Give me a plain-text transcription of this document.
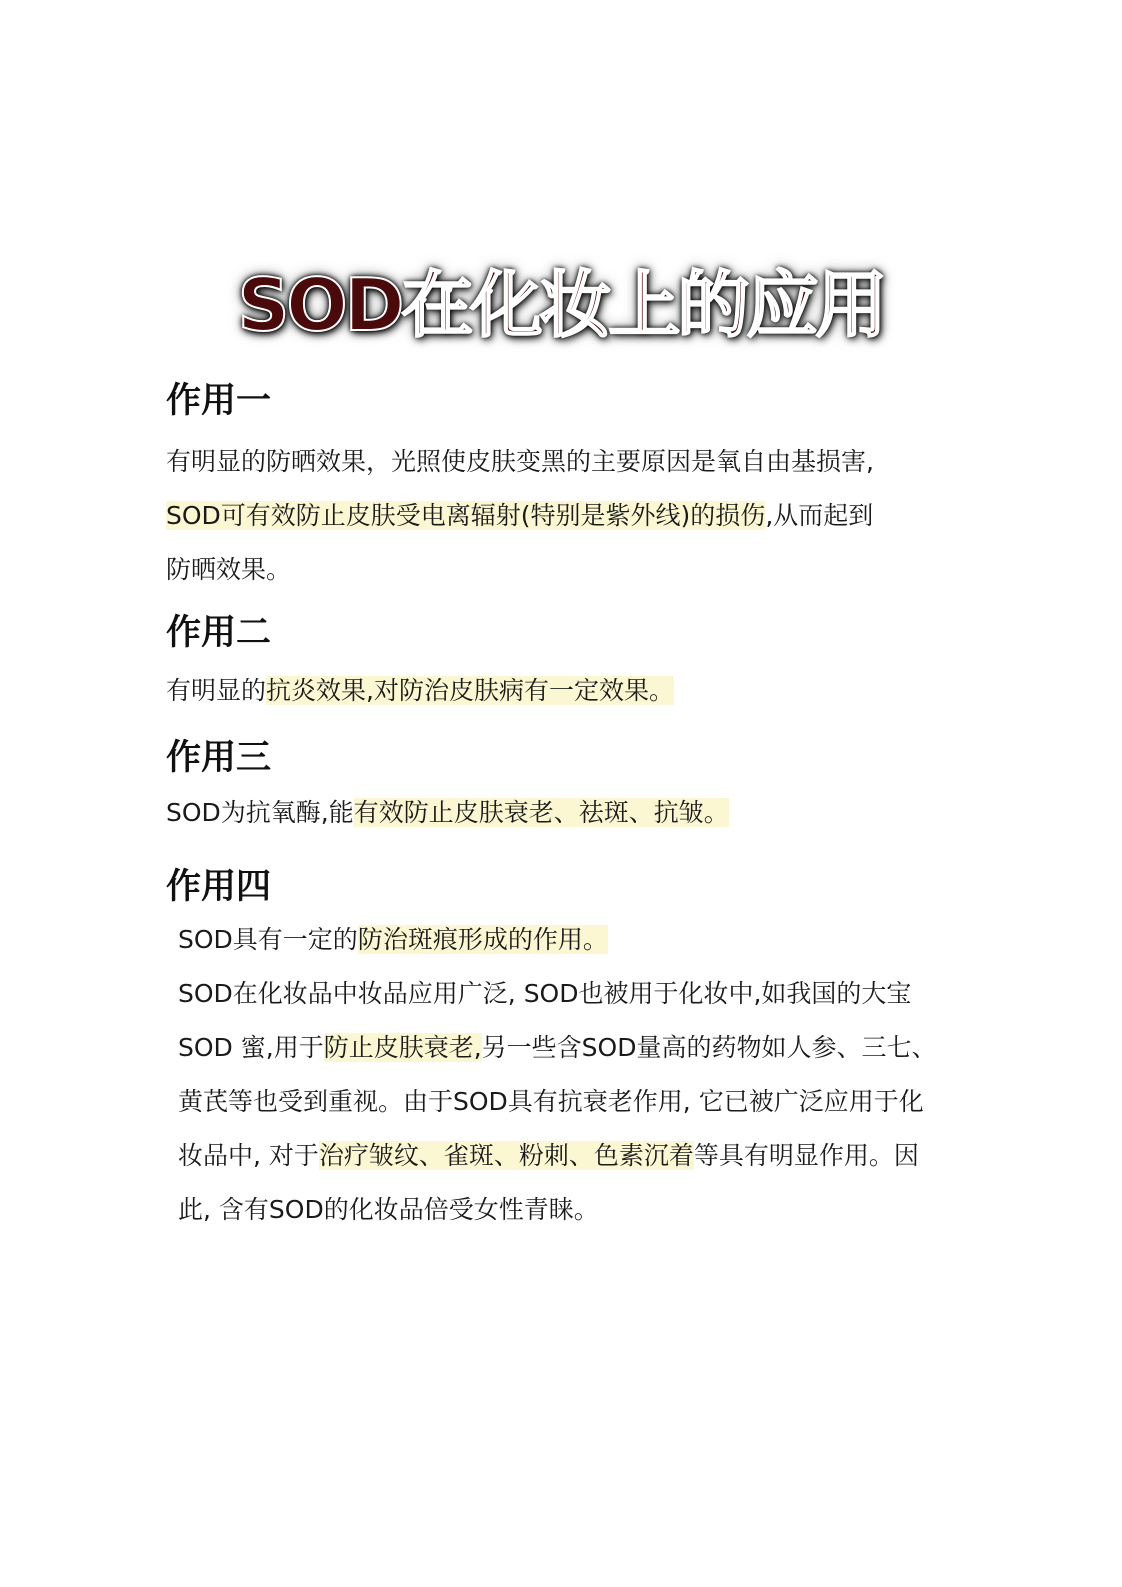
SOD在化妆上的应用
作用一
有明显的防晒效果，光照使皮肤变黑的主要原因是氧自由基损害,
SOD可有效防止皮肤受电离辐射(特别是紫外线)的损伤,从而起到
防晒效果。
作用二
有明显的抗炎效果,对防治皮肤病有一定效果。
作用三
SOD为抗氧酶,能有效防止皮肤衰老、祛斑、抗皱。
作用四
SOD具有一定的防治斑痕形成的作用。
SOD在化妆品中妆品应用广泛, SOD也被用于化妆中,如我国的大宝
SOD 蜜,用于防止皮肤衰老,另一些含SOD量高的药物如人参、三七、
黄芪等也受到重视。由于SOD具有抗衰老作用, 它已被广泛应用于化
妆品中, 对于治疗皱纹、雀斑、粉刺、色素沉着等具有明显作用。因
此, 含有SOD的化妆品倍受女性青睐。
